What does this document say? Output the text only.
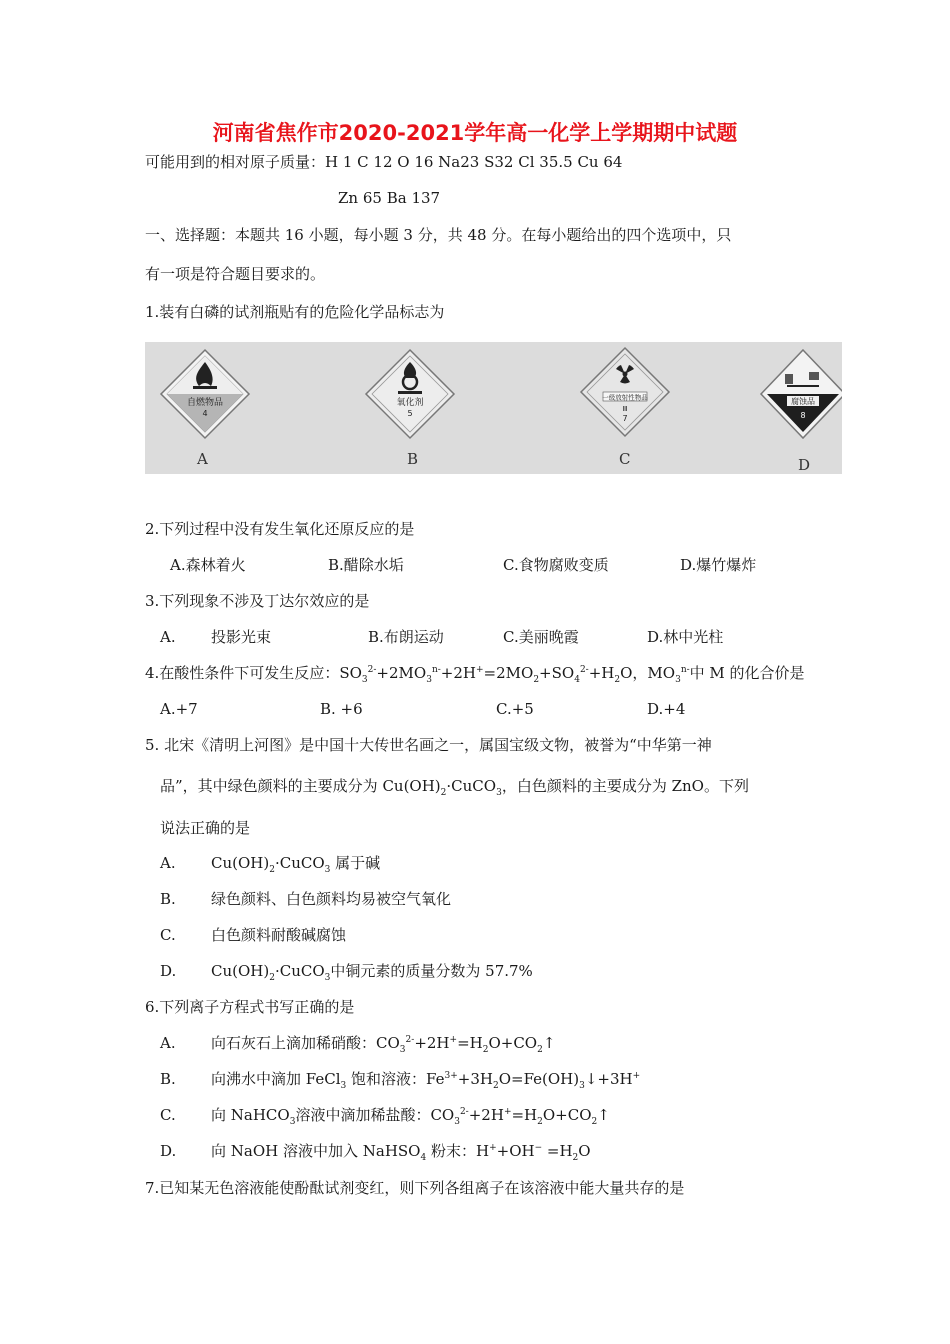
河南省焦作市2020-2021学年高一化学上学期期中试题
可能用到的相对原子质量：H 1 C 12 O 16 Na23 S32 Cl 35.5 Cu 64
Zn 65 Ba 137
一、选择题：本题共 16 小题，每小题 3 分，共 48 分。在每小题给出的四个选项中，只
有一项是符合题目要求的。
1.装有白磷的试剂瓶贴有的危险化学品标志为
自燃物品
4
氧化剂
5
一级放射性物品
Ⅲ
7
腐蚀品
8
A	B	C	D
2.下列过程中没有发生氧化还原反应的是
A.森林着火	B.醋除水垢	C.食物腐败变质	D.爆竹爆炸
3.下列现象不涉及丁达尔效应的是
A. 投影光束	B.布朗运动	C.美丽晚霞	D.林中光柱
4.在酸性条件下可发生反应：$SO_3^{2-}+2MO_3^{n-}+2H^+=2MO_2+SO_4^{2-}+H_2O$，$MO_3^{n-}$中 M 的化合价是
A.+7	B. +6	C.+5	D.+4
5. 北宋《清明上河图》是中国十大传世名画之一，属国宝级文物，被誉为“中华第一神
品”，其中绿色颜料的主要成分为 $Cu(OH)_2\cdot CuCO_3$，白色颜料的主要成分为 ZnO。下列
说法正确的是
A. $Cu(OH)_2\cdot CuCO_3$ 属于碱
B. 绿色颜料、白色颜料均易被空气氧化
C. 白色颜料耐酸碱腐蚀
D. $Cu(OH)_2\cdot CuCO_3$中铜元素的质量分数为 57.7%
6.下列离子方程式书写正确的是
A. 向石灰石上滴加稀硝酸：$CO_3^{2-}+2H^+=H_2O+CO_2↑$
B. 向沸水中滴加 FeCl$_3$ 饱和溶液：$Fe^{3+}+3H_2O=Fe(OH)_3↓+3H^+$
C. 向 NaHCO$_3$溶液中滴加稀盐酸：$CO_3^{2-}+2H^+=H_2O+CO_2↑$
D. 向 NaOH 溶液中加入 NaHSO$_4$ 粉末：$H^++OH^- =H_2O$
7.已知某无色溶液能使酚酞试剂变红，则下列各组离子在该溶液中能大量共存的是
